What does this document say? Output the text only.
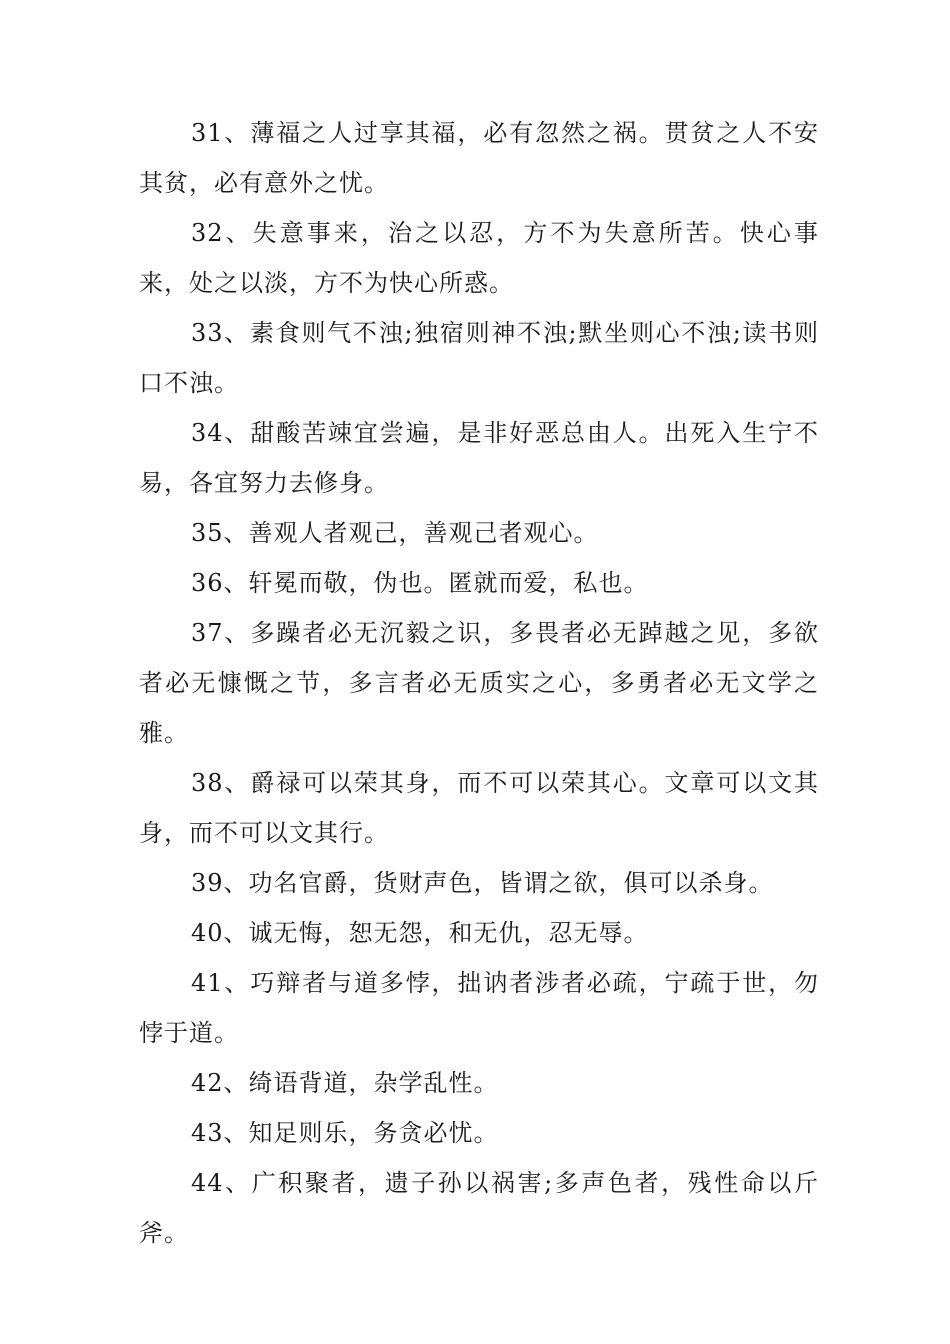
31、薄福之人过享其福，必有忽然之祸。贯贫之人不安其贫，必有意外之忧。

32、失意事来，治之以忍，方不为失意所苦。快心事来，处之以淡，方不为快心所惑。

33、素食则气不浊;独宿则神不浊;默坐则心不浊;读书则口不浊。

34、甜酸苦竦宜尝遍，是非好恶总由人。出死入生宁不易，各宜努力去修身。

35、善观人者观己，善观己者观心。

36、轩冕而敬，伪也。匿就而爱，私也。

37、多躁者必无沉毅之识，多畏者必无踔越之见，多欲者必无慷慨之节，多言者必无质实之心，多勇者必无文学之雅。

38、爵禄可以荣其身，而不可以荣其心。文章可以文其身，而不可以文其行。

39、功名官爵，货财声色，皆谓之欲，俱可以杀身。

40、诚无悔，恕无怨，和无仇，忍无辱。

41、巧辩者与道多悖，拙讷者涉者必疏，宁疏于世，勿悖于道。

42、绮语背道，杂学乱性。

43、知足则乐，务贪必忧。

44、广积聚者，遗子孙以祸害;多声色者，残性命以斤斧。
